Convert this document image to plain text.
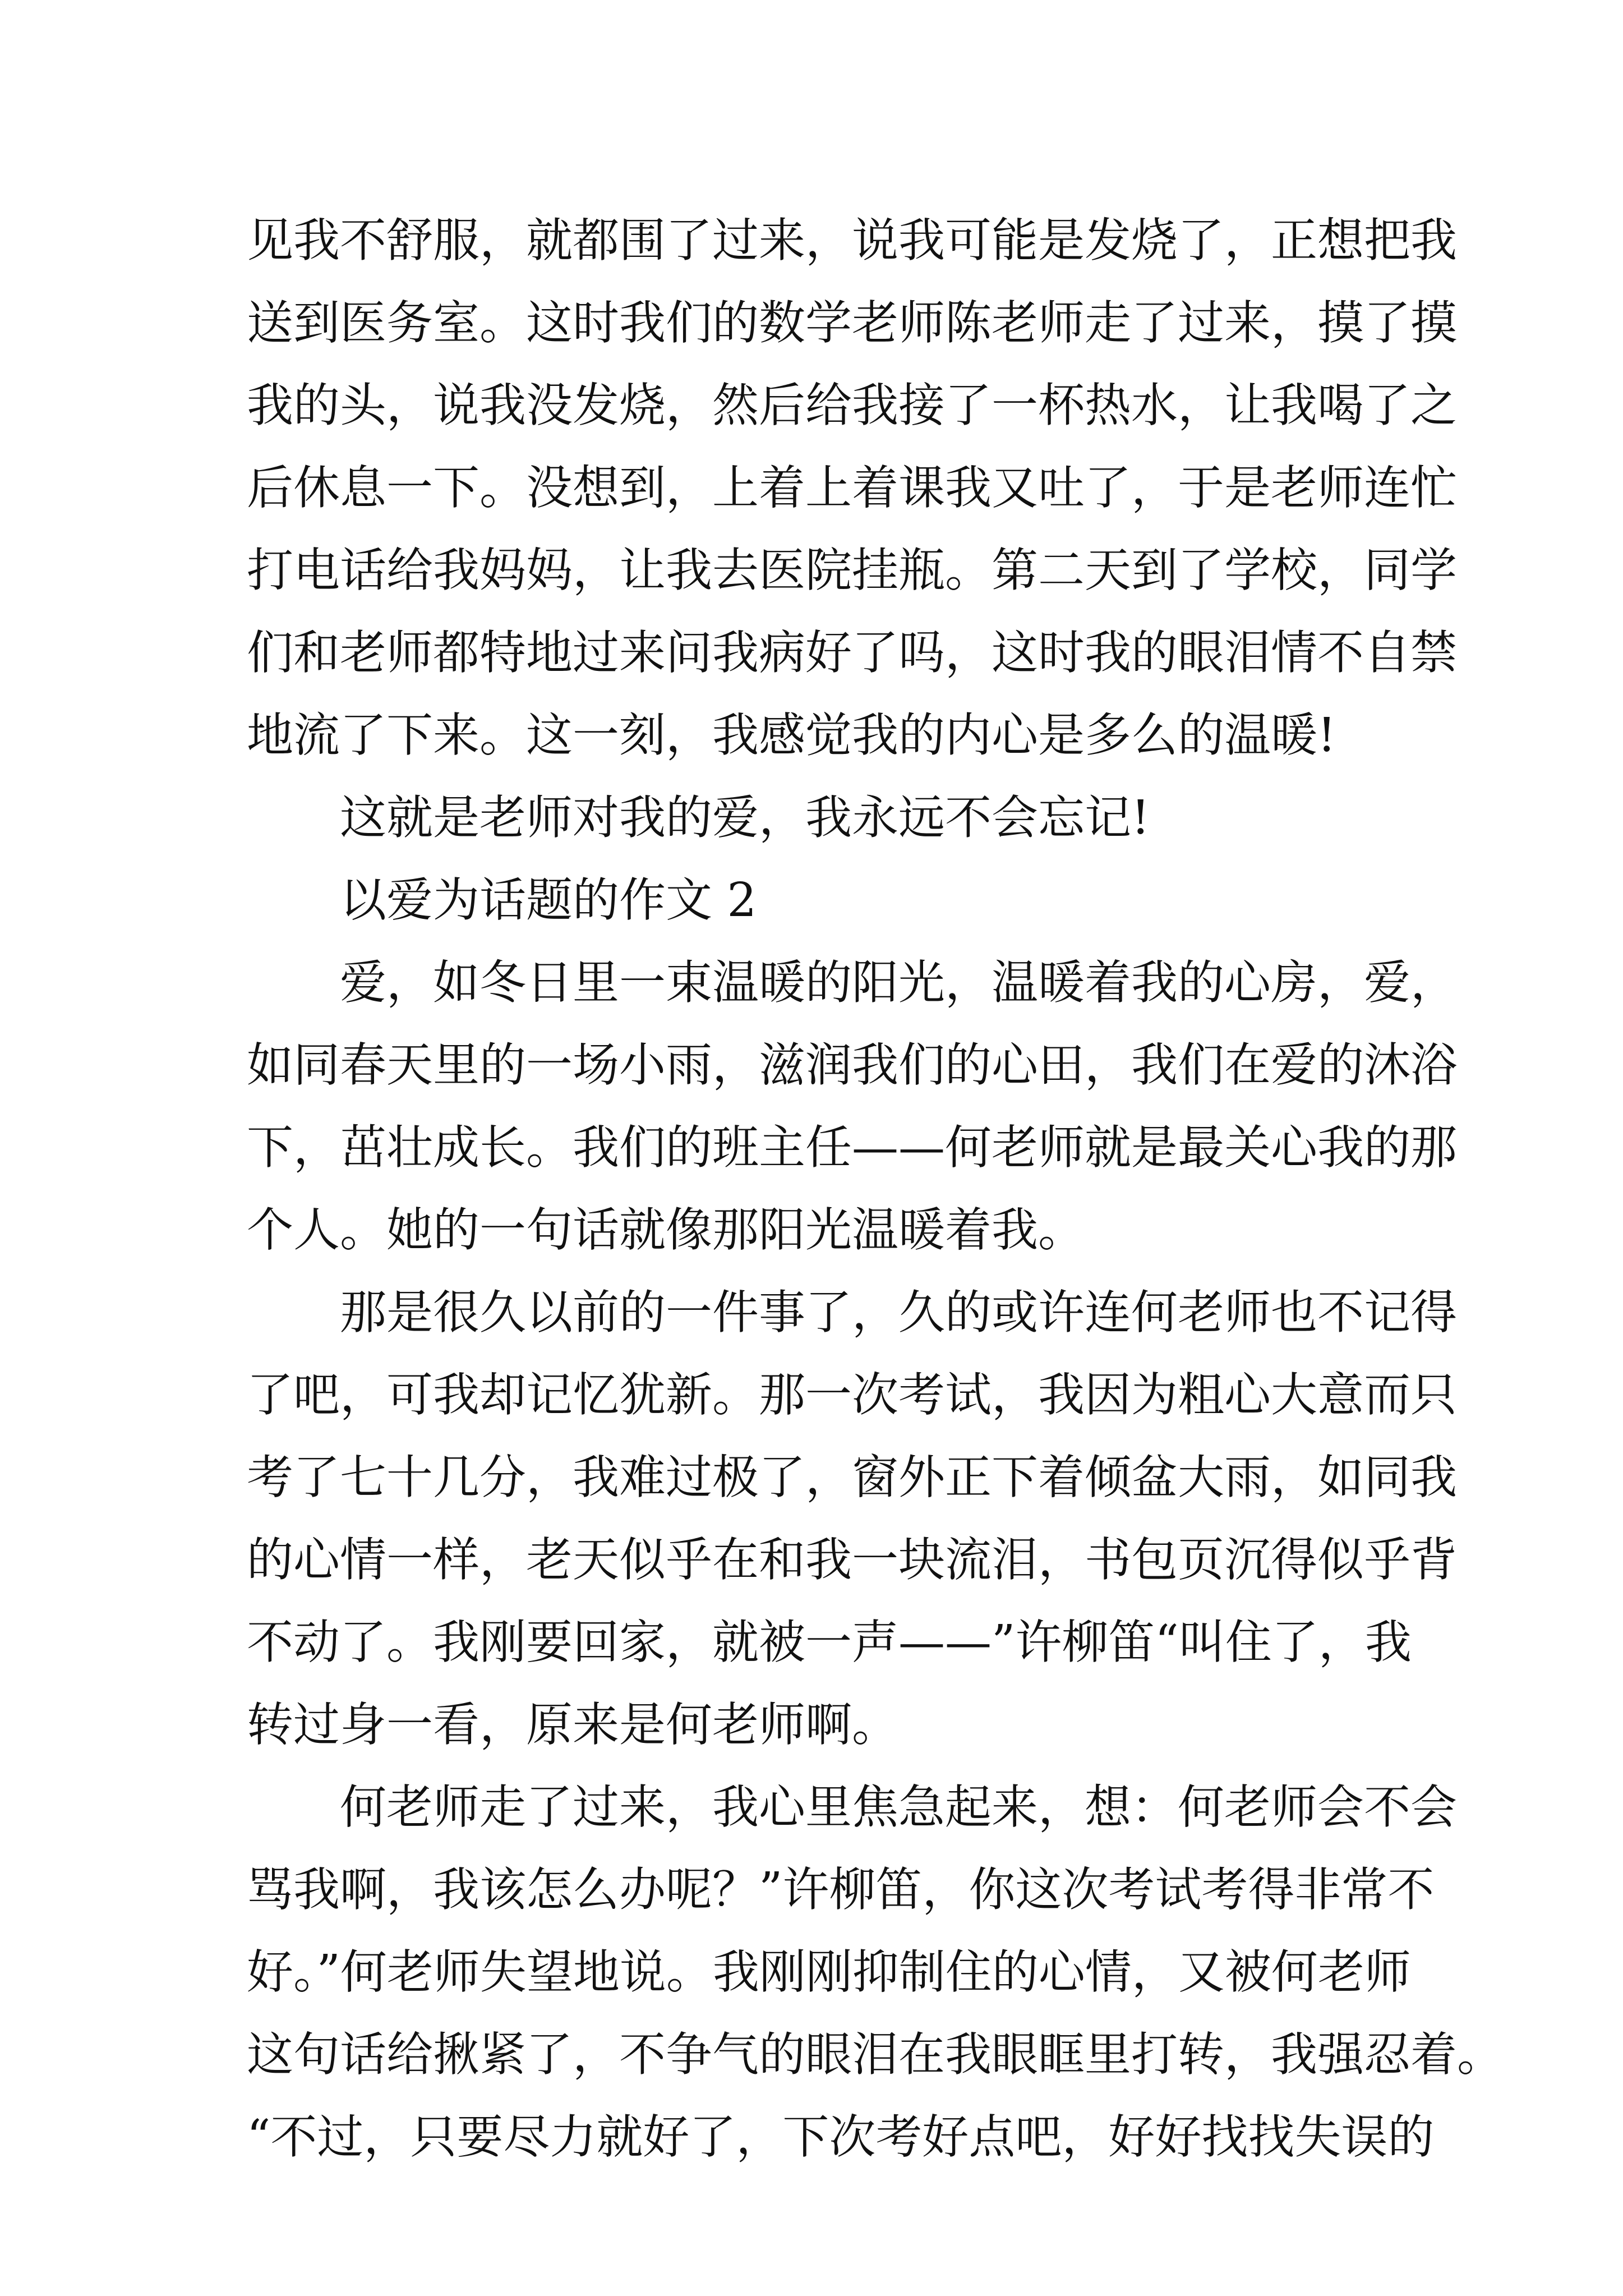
见我不舒服，就都围了过来，说我可能是发烧了，正想把我

送到医务室。这时我们的数学老师陈老师走了过来，摸了摸

我的头，说我没发烧，然后给我接了一杯热水，让我喝了之

后休息一下。没想到，上着上着课我又吐了，于是老师连忙

打电话给我妈妈，让我去医院挂瓶。第二天到了学校，同学

们和老师都特地过来问我病好了吗，这时我的眼泪情不自禁

地流了下来。这一刻，我感觉我的内心是多么的温暖!

这就是老师对我的爱，我永远不会忘记!

以爱为话题的作文 2

爱，如冬日里一束温暖的阳光，温暖着我的心房，爱，

如同春天里的一场小雨，滋润我们的心田，我们在爱的沐浴

下，茁壮成长。我们的班主任——何老师就是最关心我的那

个人。她的一句话就像那阳光温暖着我。

那是很久以前的一件事了，久的或许连何老师也不记得

了吧，可我却记忆犹新。那一次考试，我因为粗心大意而只

考了七十几分，我难过极了，窗外正下着倾盆大雨，如同我

的心情一样，老天似乎在和我一块流泪，书包页沉得似乎背

不动了。我刚要回家，就被一声——”许柳笛“叫住了，我

转过身一看，原来是何老师啊。

何老师走了过来，我心里焦急起来，想：何老师会不会

骂我啊，我该怎么办呢？”许柳笛，你这次考试考得非常不

好。”何老师失望地说。我刚刚抑制住的心情，又被何老师

这句话给揪紧了，不争气的眼泪在我眼眶里打转，我强忍着。

“不过，只要尽力就好了，下次考好点吧，好好找找失误的
